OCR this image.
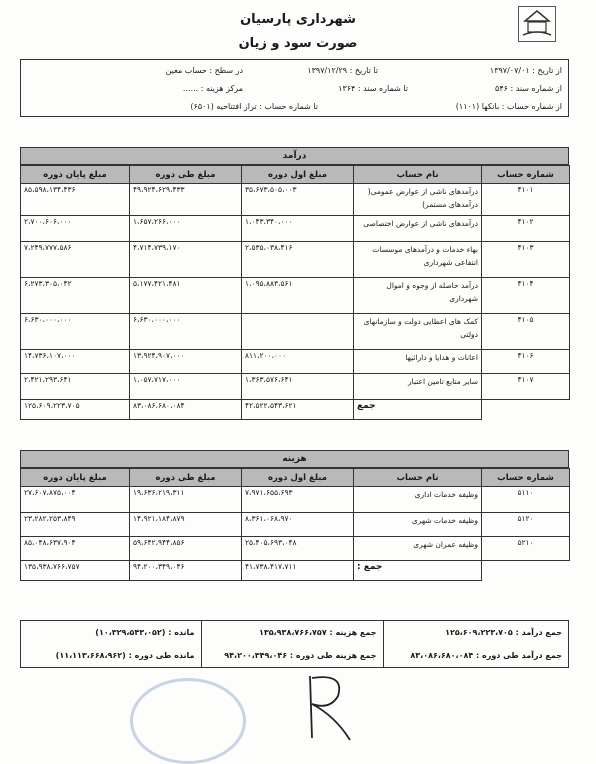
شهرداری پارسیان
صورت سود و زیان
از تاریخ : ۱۳۹۷/۰۷/۰۱
تا تاریخ : ۱۳۹۷/۱۲/۲۹
در سطح : حساب معین
از شماره سند : ۵۴۶
تا شماره سند : ۱۳۶۴
مرکز هزینه : ......
از شماره حساب : بانکها (۱۱۰۱)
تا شماره حساب : تراز افتتاحیه (۶۵۰۱)
درآمد
شماره حساب	نام حساب	مبلغ اول دوره	مبلغ طی دوره	مبلغ پایان دوره
۴۱۰۱	درآمدهای ناشی از عوارض عمومی( درآمدهای مستمر)	۳۵،۶۷۳،۵۰۵،۰۰۳	۴۹،۹۲۴،۶۲۹،۴۳۳	۸۵،۵۹۸،۱۳۴،۴۳۶
۴۱۰۲	درآمدهای ناشی از عوارض اختصاصی	۱،۰۴۳،۳۴۰،۰۰۰	۱،۶۵۷،۲۶۶،۰۰۰	۲،۷۰۰،۶۰۶،۰۰۰
۴۱۰۳	بهاء خدمات و درآمدهای موسسات انتفاعی شهرداری	۲،۵۳۵،۰۳۸،۴۱۶	۴،۷۱۴،۷۳۹،۱۷۰	۷،۲۴۹،۷۷۷،۵۸۶
۴۱۰۴	درآمد حاصله از وجوه و اموال شهرداری	۱،۰۹۵،۸۸۳،۵۶۱	۵،۱۷۷،۴۲۱،۴۸۱	۶،۲۷۳،۳۰۵،۰۴۲
۴۱۰۵	کمک های اعطایی دولت و سازمانهای دولتی		۶،۶۳۰،۰۰۰،۰۰۰	۶،۶۳۰،۰۰۰،۰۰۰
۴۱۰۶	اعانات و هدایا و دارائیها	۸۱۱،۲۰۰،۰۰۰	۱۳،۹۲۴،۹۰۷،۰۰۰	۱۴،۷۳۶،۱۰۷،۰۰۰
۴۱۰۷	سایر منابع تامین اعتبار	۱،۳۶۳،۵۷۶،۶۴۱	۱،۰۵۷،۷۱۷،۰۰۰	۲،۴۲۱،۲۹۳،۶۴۱
	جمع	۴۲،۵۲۲،۵۴۳،۶۲۱	۸۳،۰۸۶،۶۸۰،۰۸۴	۱۲۵،۶۰۹،۲۲۳،۷۰۵
هزینه
شماره حساب	نام حساب	مبلغ اول دوره	مبلغ طی دوره	مبلغ پایان دوره
۵۱۱۰	وظیفه خدمات اداری	۷،۹۷۱،۶۵۵،۶۹۳	۱۹،۶۳۶،۲۱۹،۳۱۱	۲۷،۶۰۷،۸۷۵،۰۰۴
۵۱۲۰	وظیفه خدمات شهری	۸،۳۶۱،۰۶۸،۹۷۰	۱۴،۹۲۱،۱۸۴،۸۷۹	۲۳،۲۸۲،۲۵۳،۸۴۹
۵۲۱۰	وظیفه عمران شهری	۲۵،۴۰۵،۶۹۳،۰۴۸	۵۹،۶۴۲،۹۴۴،۸۵۶	۸۵،۰۴۸،۶۳۷،۹۰۴
	جمع :	۴۱،۷۳۸،۴۱۷،۷۱۱	۹۴،۲۰۰،۳۴۹،۰۴۶	۱۳۵،۹۳۸،۷۶۶،۷۵۷
جمع درآمد : ۱۲۵،۶۰۹،۲۲۳،۷۰۵	جمع هزینه : ۱۳۵،۹۳۸،۷۶۶،۷۵۷	مانده : (۱۰،۳۲۹،۵۴۳،۰۵۲)
جمع درآمد طی دوره : ۸۳،۰۸۶،۶۸۰،۰۸۴	جمع هزینه طی دوره : ۹۴،۲۰۰،۳۴۹،۰۴۶	مانده طی دوره : (۱۱،۱۱۳،۶۶۸،۹۶۲)
